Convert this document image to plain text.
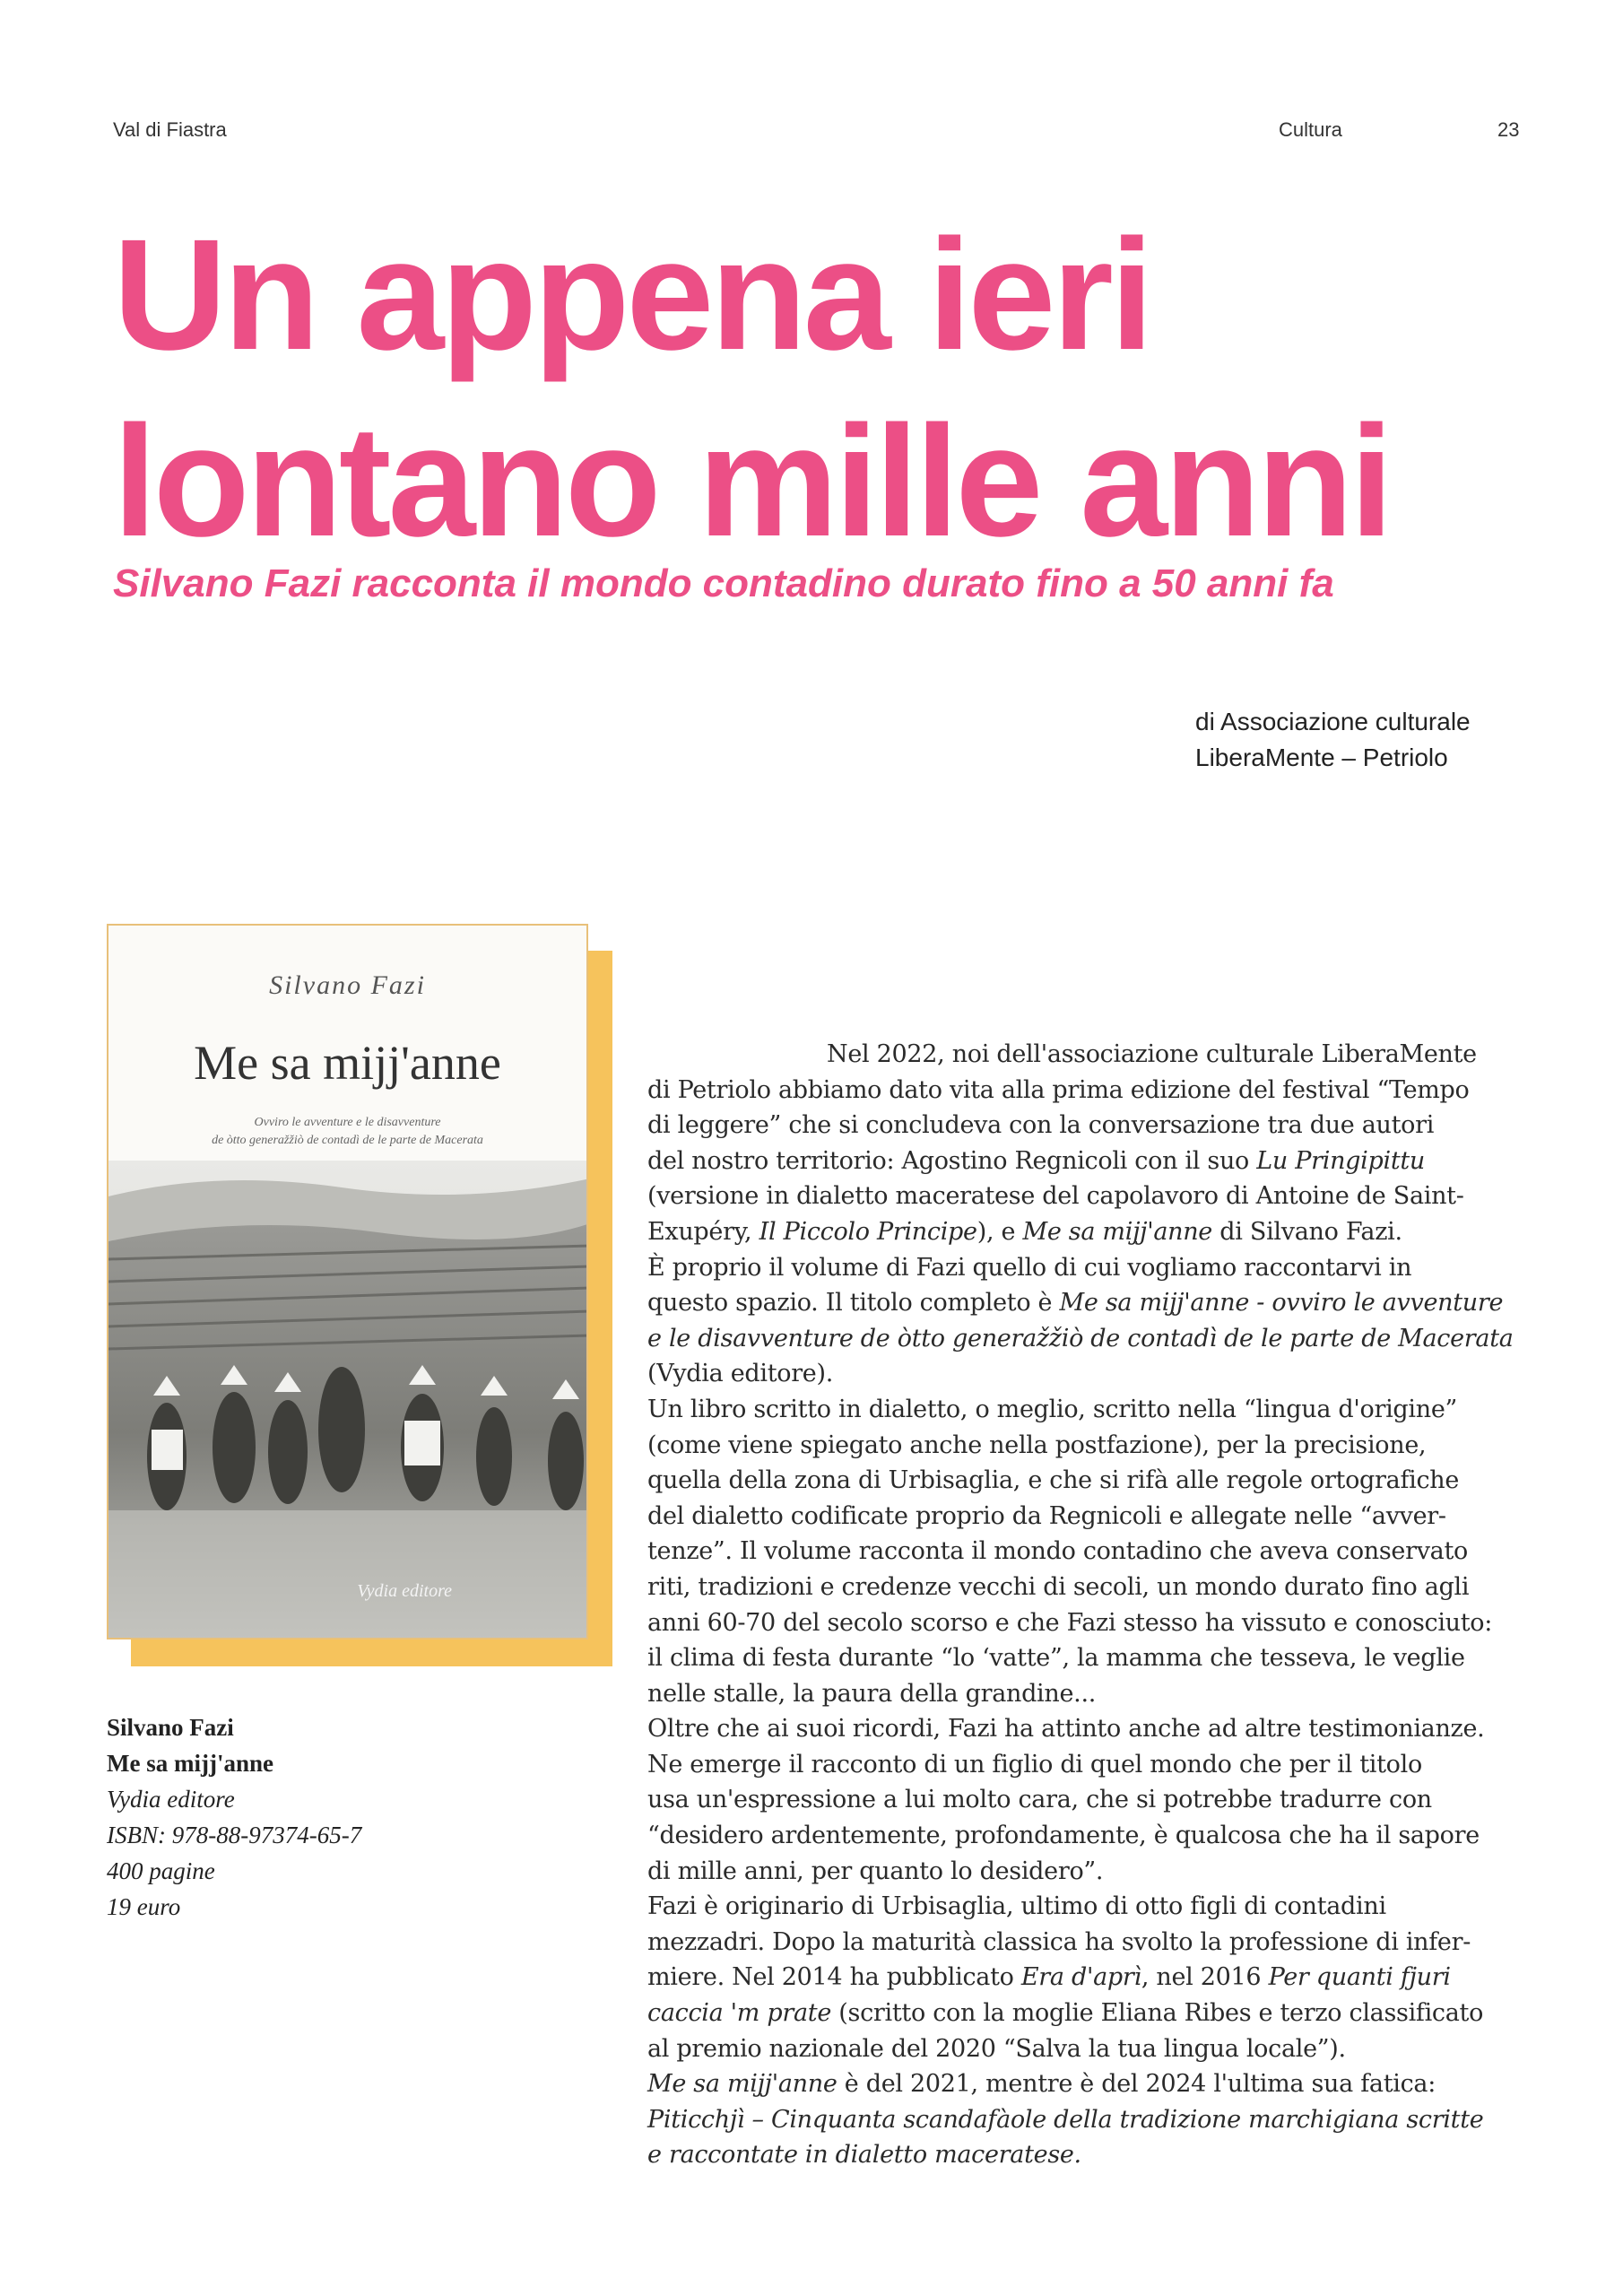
Val di Fiastra	Cultura	23
Un appena ieri
lontano mille anni

Silvano Fazi racconta il mondo contadino durato fino a 50 anni fa

di Associazione culturale
LiberaMente – Petriolo
Silvano Fazi
Me sa mijj'anne
Ovviro le avventure e le disavventure
de òtto generažžiò de contadì de le parte de Macerata
Vydia editore
Silvano Fazi
Me sa mijj'anne
Vydia editore
ISBN: 978-88-97374-65-7
400 pagine
19 euro
Nel 2022, noi dell'associazione culturale LiberaMente
di Petriolo abbiamo dato vita alla prima edizione del festival “Tempo
di leggere” che si concludeva con la conversazione tra due autori
del nostro territorio: Agostino Regnicoli con il suo Lu Pringipittu
(versione in dialetto maceratese del capolavoro di Antoine de Saint-
Exupéry, Il Piccolo Principe), e Me sa mijj'anne di Silvano Fazi.
È proprio il volume di Fazi quello di cui vogliamo raccontarvi in
questo spazio. Il titolo completo è Me sa mijj'anne - ovviro le avventure
e le disavventure de òtto generažžiò de contadì de le parte de Macerata
(Vydia editore).
Un libro scritto in dialetto, o meglio, scritto nella “lingua d'origine”
(come viene spiegato anche nella postfazione), per la precisione,
quella della zona di Urbisaglia, e che si rifà alle regole ortografiche
del dialetto codificate proprio da Regnicoli e allegate nelle “avver-
tenze”. Il volume racconta il mondo contadino che aveva conservato
riti, tradizioni e credenze vecchi di secoli, un mondo durato fino agli
anni 60-70 del secolo scorso e che Fazi stesso ha vissuto e conosciuto:
il clima di festa durante “lo ‘vatte”, la mamma che tesseva, le veglie
nelle stalle, la paura della grandine...
Oltre che ai suoi ricordi, Fazi ha attinto anche ad altre testimonianze.
Ne emerge il racconto di un figlio di quel mondo che per il titolo
usa un'espressione a lui molto cara, che si potrebbe tradurre con
“desidero ardentemente, profondamente, è qualcosa che ha il sapore
di mille anni, per quanto lo desidero”.
Fazi è originario di Urbisaglia, ultimo di otto figli di contadini
mezzadri. Dopo la maturità classica ha svolto la professione di infer-
miere. Nel 2014 ha pubblicato Era d'aprì, nel 2016 Per quanti fjuri
caccia 'm prate (scritto con la moglie Eliana Ribes e terzo classificato
al premio nazionale del 2020 “Salva la tua lingua locale”).
Me sa mijj'anne è del 2021, mentre è del 2024 l'ultima sua fatica:
Piticchjì – Cinquanta scandafàole della tradizione marchigiana scritte
e raccontate in dialetto maceratese.
